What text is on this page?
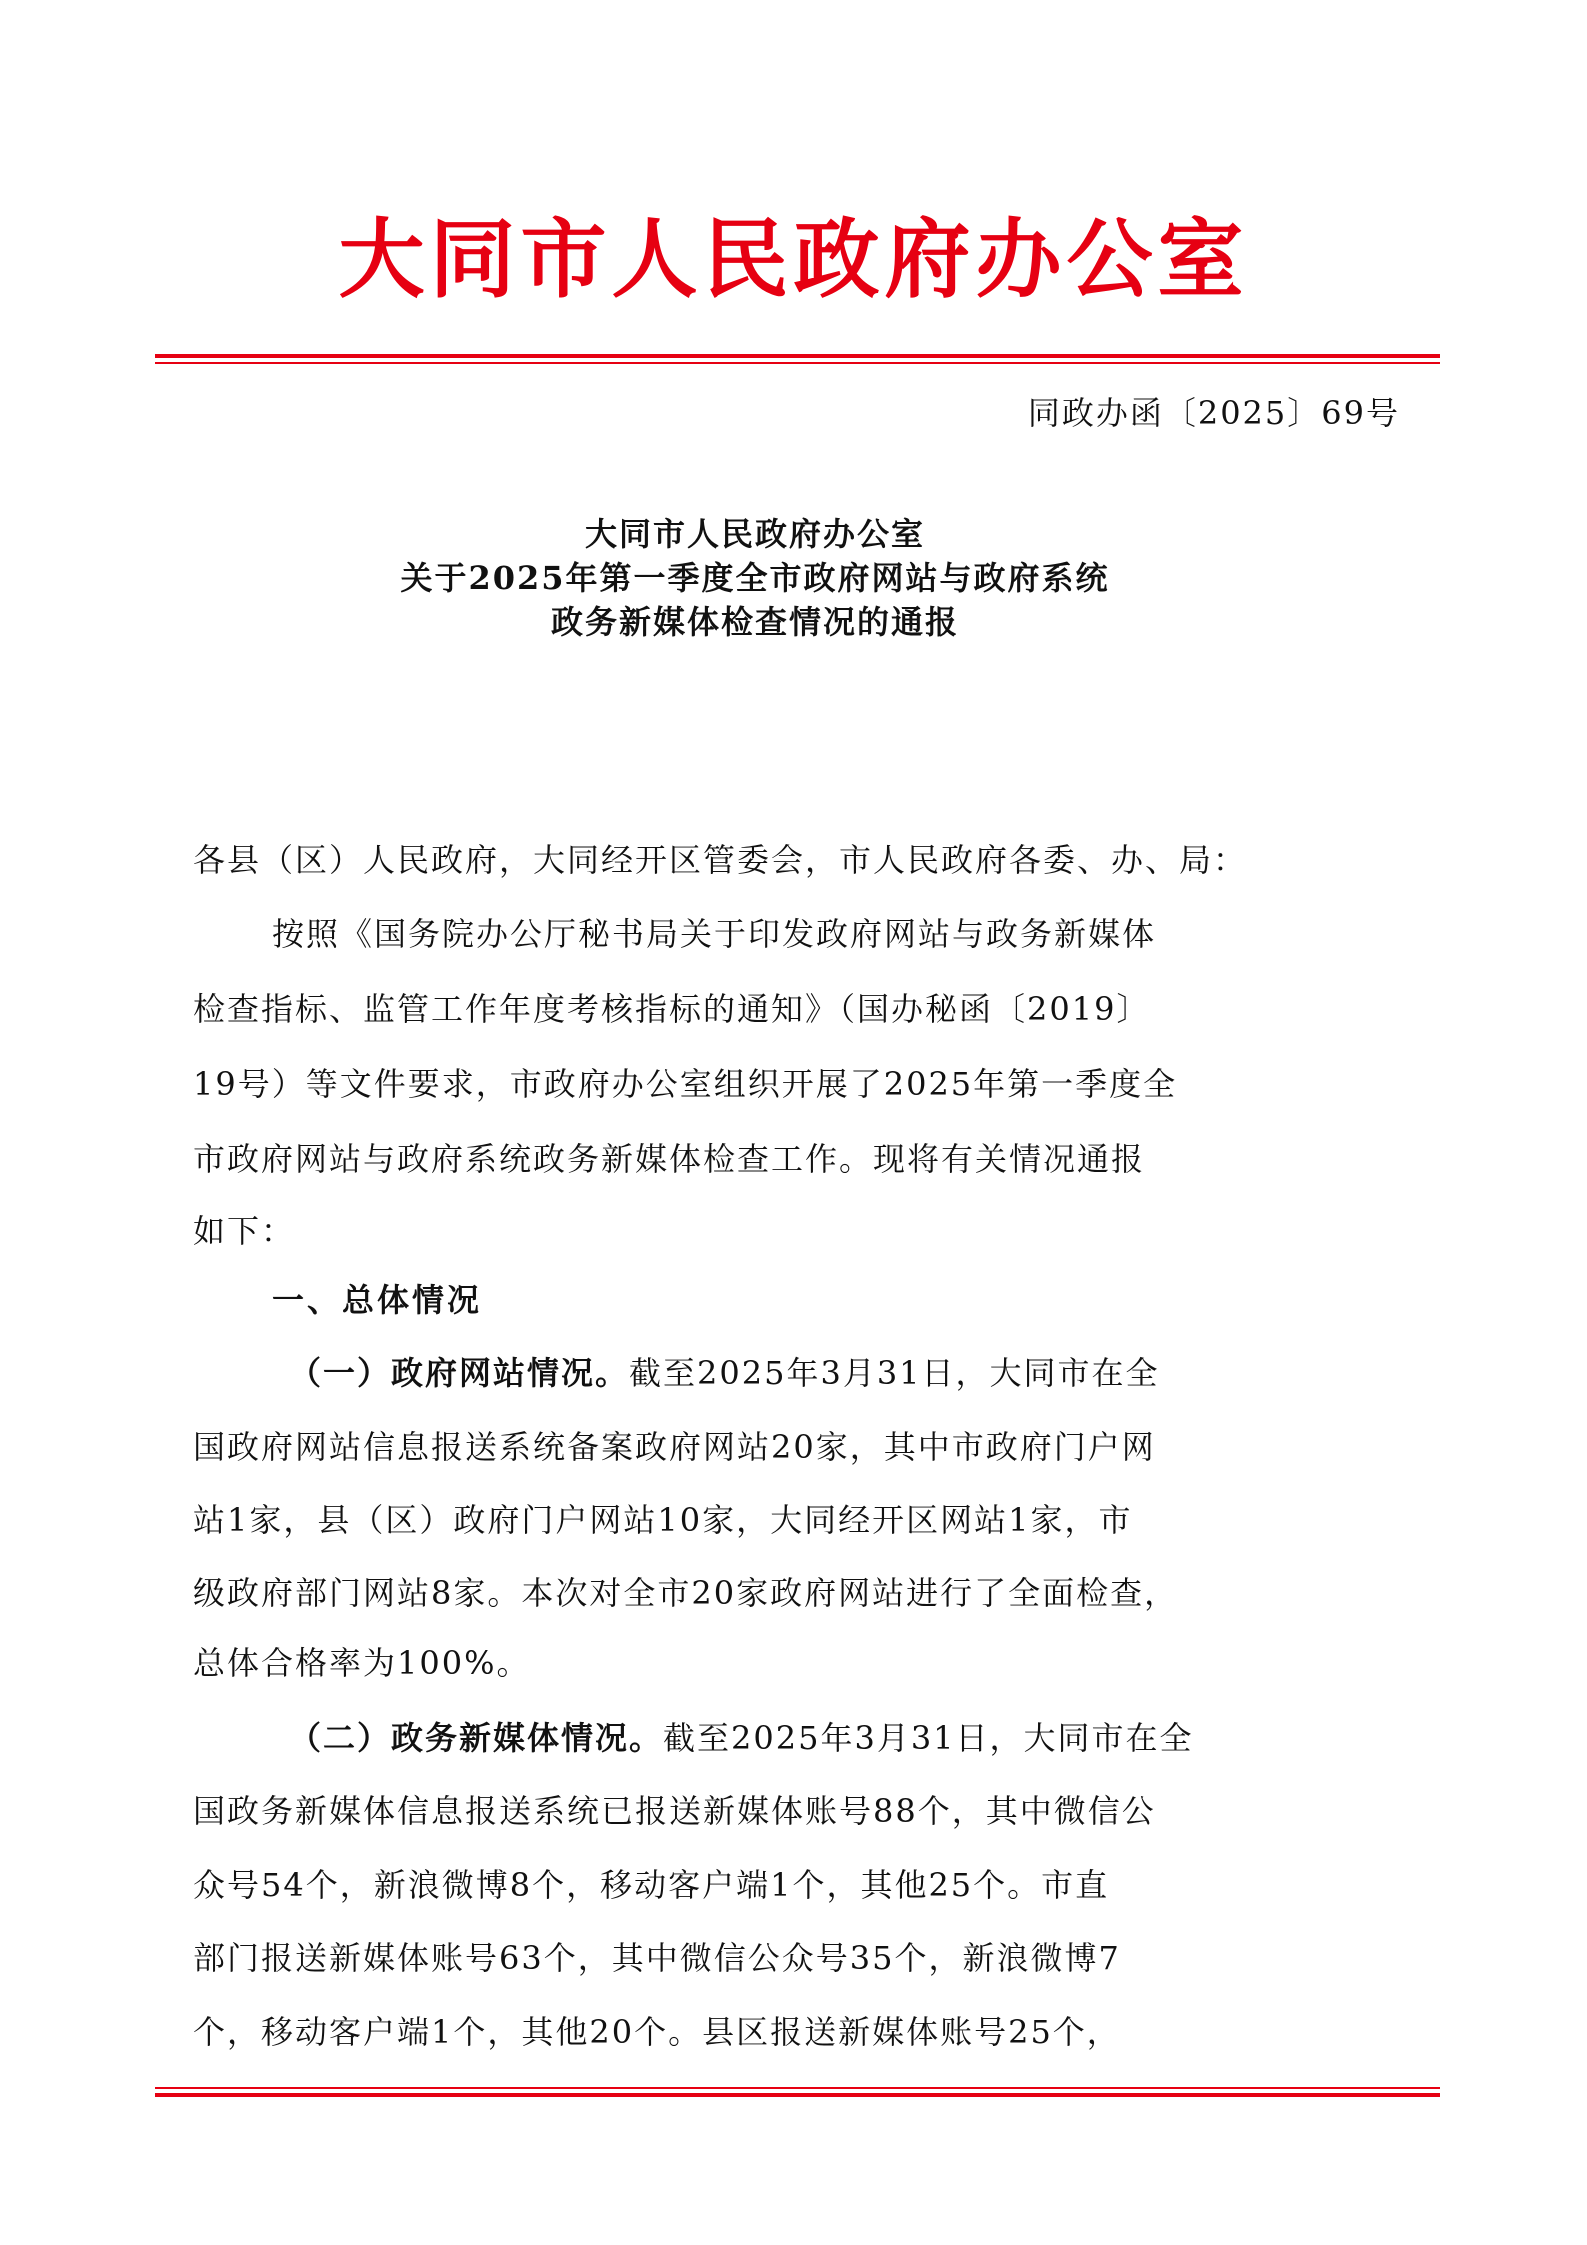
大同市人民政府办公室
同政办函〔2025〕69号
大同市人民政府办公室
关于2025年第一季度全市政府网站与政府系统
政务新媒体检查情况的通报
各县（区）人民政府，大同经开区管委会，市人民政府各委、办、局：
按照《国务院办公厅秘书局关于印发政府网站与政务新媒体
检查指标、监管工作年度考核指标的通知》（国办秘函〔2019〕
19号）等文件要求，市政府办公室组织开展了2025年第一季度全
市政府网站与政府系统政务新媒体检查工作。现将有关情况通报
如下：
一、总体情况
（一）政府网站情况。截至2025年3月31日，大同市在全
国政府网站信息报送系统备案政府网站20家，其中市政府门户网
站1家，县（区）政府门户网站10家，大同经开区网站1家，市
级政府部门网站8家。本次对全市20家政府网站进行了全面检查，
总体合格率为100%。
（二）政务新媒体情况。截至2025年3月31日，大同市在全
国政务新媒体信息报送系统已报送新媒体账号88个，其中微信公
众号54个，新浪微博8个，移动客户端1个，其他25个。市直
部门报送新媒体账号63个，其中微信公众号35个，新浪微博7
个，移动客户端1个，其他20个。县区报送新媒体账号25个，
